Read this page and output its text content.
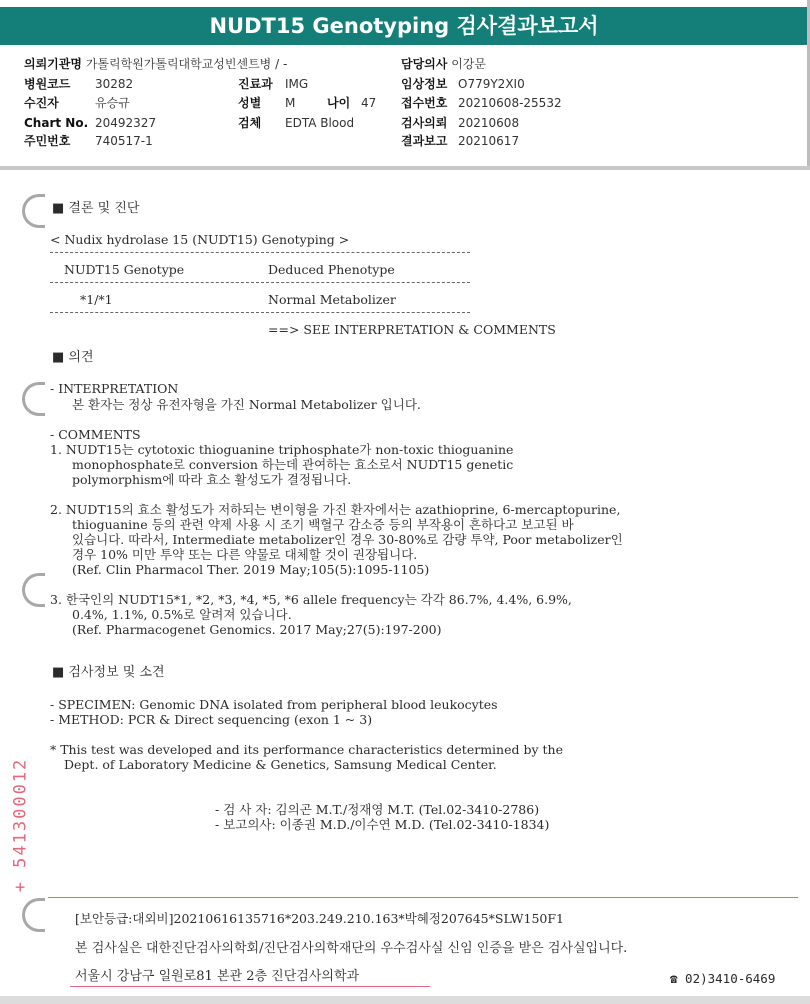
NUDT15 Genotyping 검사결과보고서
의뢰기관명 가톨릭학원가톨릭대학교성빈센트병 / -	담당의사 이강문
병원코드 30282	진료과 IMG	임상정보 O779Y2XI0
수진자	유승규	성별 M	나이 47 접수번호 20210608-25532
Chart No. 20492327	검체 EDTA Blood	검사의뢰 20210608
주민번호 740517-1	결과보고 20210617
■ 결론 및 진단
< Nudix hydrolase 15 (NUDT15) Genotyping >
NUDT15 Genotype	Deduced Phenotype
*1/*1	Normal Metabolizer
==> SEE INTERPRETATION & COMMENTS
■ 의견
- INTERPRETATION
본 환자는 정상 유전자형을 가진 Normal Metabolizer 입니다.
- COMMENTS
1. NUDT15는 cytotoxic thioguanine triphosphate가 non-toxic thioguanine
monophosphate로 conversion 하는데 관여하는 효소로서 NUDT15 genetic
polymorphism에 따라 효소 활성도가 결정됩니다.
2. NUDT15의 효소 활성도가 저하되는 변이형을 가진 환자에서는 azathioprine, 6-mercaptopurine,
thioguanine 등의 관련 약제 사용 시 조기 백혈구 감소증 등의 부작용이 흔하다고 보고된 바
있습니다. 따라서, Intermediate metabolizer인 경우 30-80%로 감량 투약, Poor metabolizer인
경우 10% 미만 투약 또는 다른 약물로 대체할 것이 권장됩니다.
(Ref. Clin Pharmacol Ther. 2019 May;105(5):1095-1105)
3. 한국인의 NUDT15*1, *2, *3, *4, *5, *6 allele frequency는 각각 86.7%, 4.4%, 6.9%,
0.4%, 1.1%, 0.5%로 알려져 있습니다.
(Ref. Pharmacogenet Genomics. 2017 May;27(5):197-200)
■ 검사정보 및 소견
- SPECIMEN: Genomic DNA isolated from peripheral blood leukocytes
- METHOD: PCR & Direct sequencing (exon 1 ~ 3)
* This test was developed and its performance characteristics determined by the
Dept. of Laboratory Medicine & Genetics, Samsung Medical Center.
- 검 사 자: 김의곤 M.T./정재영 M.T. (Tel.02-3410-2786)
- 보고의사: 이종권 M.D./이수연 M.D. (Tel.02-3410-1834)
+ 541300012
[보안등급:대외비]20210616135716*203.249.210.163*박혜정207645*SLW150F1
본 검사실은 대한진단검사의학회/진단검사의학재단의 우수검사실 신임 인증을 받은 검사실입니다.
서울시 강남구 일원로81 본관 2층 진단검사의학과	☎ 02)3410-6469
